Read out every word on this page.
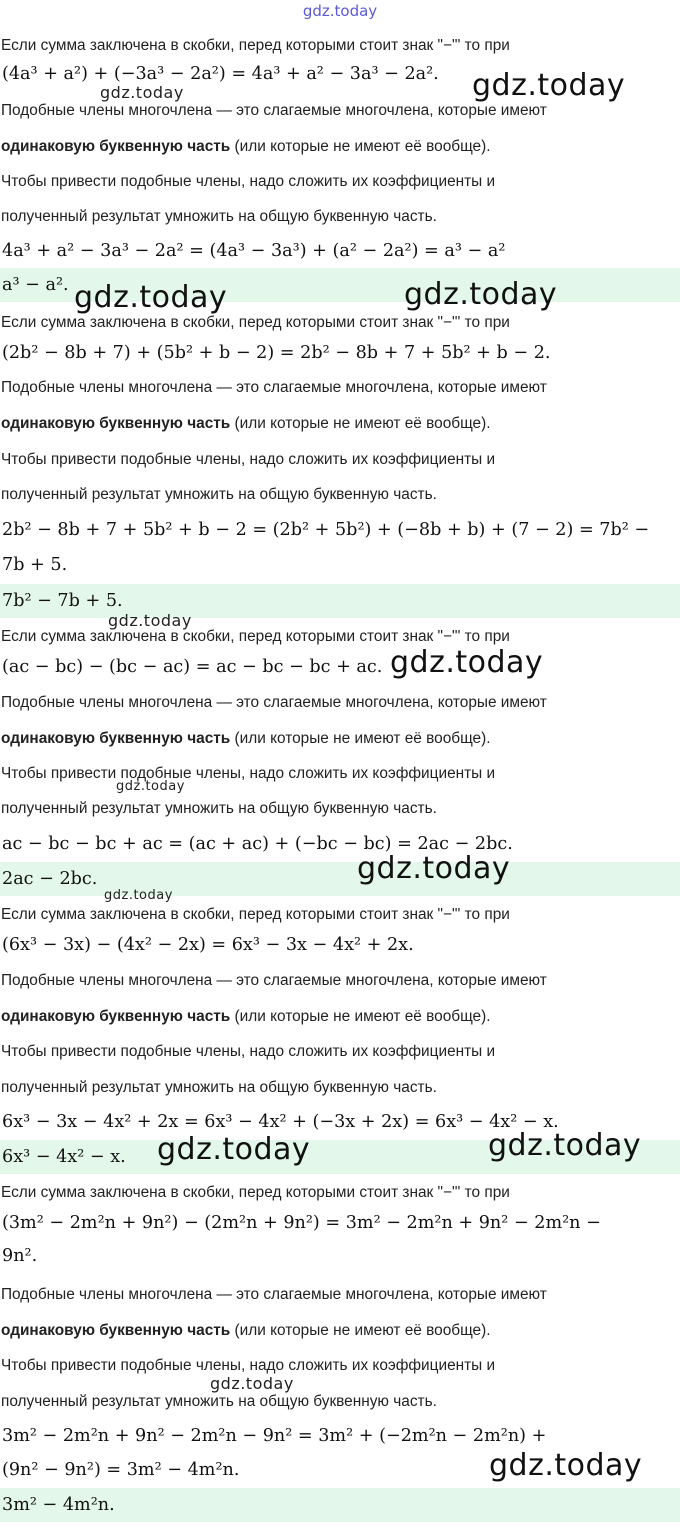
gdz.today
Если сумма заключена в скобки, перед которыми стоит знак "−"' то при
(4a³ + a²) + (−3a³ − 2a²) = 4a³ + a² − 3a³ − 2a².
Подобные члены многочлена — это слагаемые многочлена, которые имеют
одинаковую буквенную часть (или которые не имеют её вообще).
Чтобы привести подобные члены, надо сложить их коэффициенты и
полученный результат умножить на общую буквенную часть.
4a³ + a² − 3a³ − 2a² = (4a³ − 3a³) + (a² − 2a²) = a³ − a²
a³ − a².
Если сумма заключена в скобки, перед которыми стоит знак "−"' то при
(2b² − 8b + 7) + (5b² + b − 2) = 2b² − 8b + 7 + 5b² + b − 2.
Подобные члены многочлена — это слагаемые многочлена, которые имеют
одинаковую буквенную часть (или которые не имеют её вообще).
Чтобы привести подобные члены, надо сложить их коэффициенты и
полученный результат умножить на общую буквенную часть.
2b² − 8b + 7 + 5b² + b − 2 = (2b² + 5b²) + (−8b + b) + (7 − 2) = 7b² −
7b + 5.
7b² − 7b + 5.
Если сумма заключена в скобки, перед которыми стоит знак "−"' то при
(ac − bc) − (bc − ac) = ac − bc − bc + ac.
Подобные члены многочлена — это слагаемые многочлена, которые имеют
одинаковую буквенную часть (или которые не имеют её вообще).
Чтобы привести подобные члены, надо сложить их коэффициенты и
полученный результат умножить на общую буквенную часть.
ac − bc − bc + ac = (ac + ac) + (−bc − bc) = 2ac − 2bc.
2ac − 2bc.
Если сумма заключена в скобки, перед которыми стоит знак "−"' то при
(6x³ − 3x) − (4x² − 2x) = 6x³ − 3x − 4x² + 2x.
Подобные члены многочлена — это слагаемые многочлена, которые имеют
одинаковую буквенную часть (или которые не имеют её вообще).
Чтобы привести подобные члены, надо сложить их коэффициенты и
полученный результат умножить на общую буквенную часть.
6x³ − 3x − 4x² + 2x = 6x³ − 4x² + (−3x + 2x) = 6x³ − 4x² − x.
6x³ − 4x² − x.
Если сумма заключена в скобки, перед которыми стоит знак "−"' то при
(3m² − 2m²n + 9n²) − (2m²n + 9n²) = 3m² − 2m²n + 9n² − 2m²n −
9n².
Подобные члены многочлена — это слагаемые многочлена, которые имеют
одинаковую буквенную часть (или которые не имеют её вообще).
Чтобы привести подобные члены, надо сложить их коэффициенты и
полученный результат умножить на общую буквенную часть.
3m² − 2m²n + 9n² − 2m²n − 9n² = 3m² + (−2m²n − 2m²n) +
(9n² − 9n²) = 3m² − 4m²n.
3m² − 4m²n.
gdz.today
gdz.today
gdz.today	gdz.today
gdz.today
gdz.today
gdz.today
gdz.today
gdz.today
gdz.today	gdz.today
gdz.today
gdz.today
